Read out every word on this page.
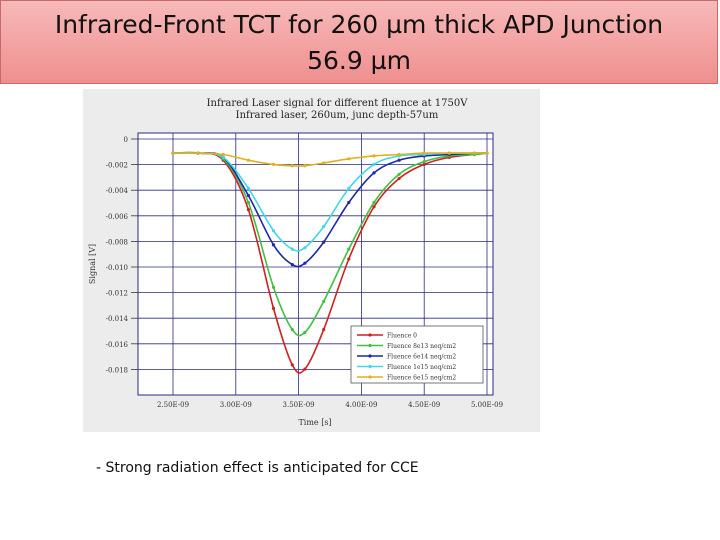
Infrared-Front TCT for 260 µm thick APD Junction
56.9 µm
Infrared Laser signal for different fluence at 1750V
Infrared laser, 260um, junc depth-57um
0
-0.002
-0.004
-0.006
-0.008
-0.010
-0.012
-0.014
-0.016
-0.018
2.50E-09	3.00E-09	3.50E-09	4.00E-09	4.50E-09	5.00E-09
Fluence 0
Fluence 8e13 neq/cm2
Fluence 6e14 neq/cm2
Fluence 1e15 neq/cm2
Fluence 6e15 neq/cm2
Time [s]
Signal [V]
- Strong radiation effect is anticipated for CCE
